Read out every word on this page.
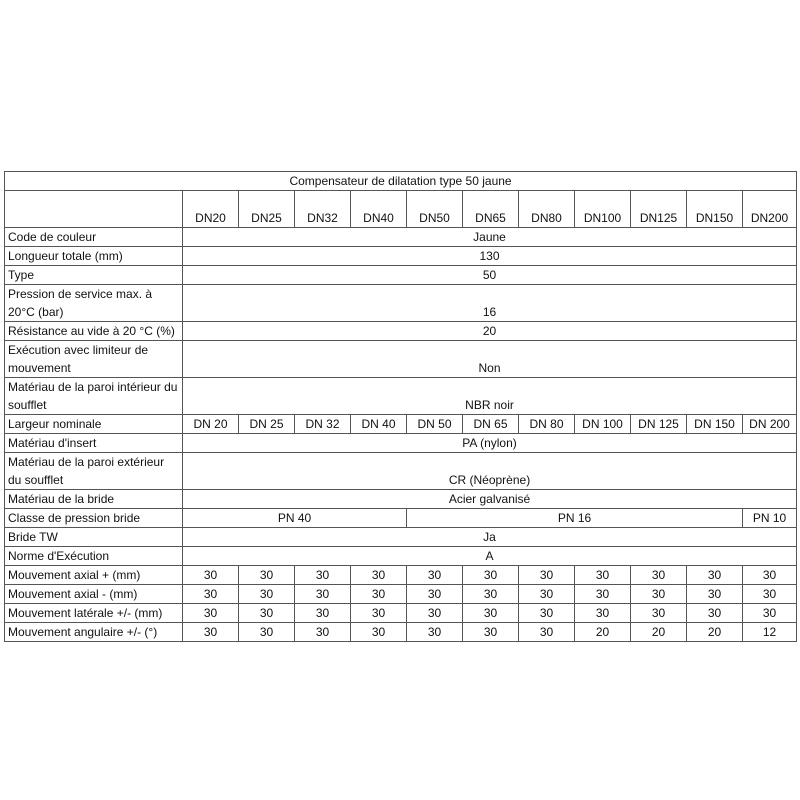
Compensateur de dilatation type 50 jaune											
	DN20	DN25	DN32	DN40	DN50	DN65	DN80	DN100	DN125	DN150	DN200
Code de couleur	Jaune										
Longueur totale (mm)	130										
Type	50										
Pression de service max. à 20°C (bar)	16										
Résistance au vide à 20 °C (%)	20										
Exécution avec limiteur de mouvement	Non										
Matériau de la paroi intérieur du soufflet	NBR noir										
Largeur nominale	DN 20	DN 25	DN 32	DN 40	DN 50	DN 65	DN 80	DN 100	DN 125	DN 150	DN 200
Matériau d'insert	PA (nylon)										
Matériau de la paroi extérieur du soufflet	CR (Néoprène)										
Matériau de la bride	Acier galvanisé										
Classe de pression bride	PN 40				PN 16						PN 10
Bride TW	Ja										
Norme d'Exécution	A										
Mouvement axial + (mm)	30	30	30	30	30	30	30	30	30	30	30
Mouvement axial - (mm)	30	30	30	30	30	30	30	30	30	30	30
Mouvement latérale +/- (mm)	30	30	30	30	30	30	30	30	30	30	30
Mouvement angulaire +/- (°)	30	30	30	30	30	30	30	20	20	20	12
